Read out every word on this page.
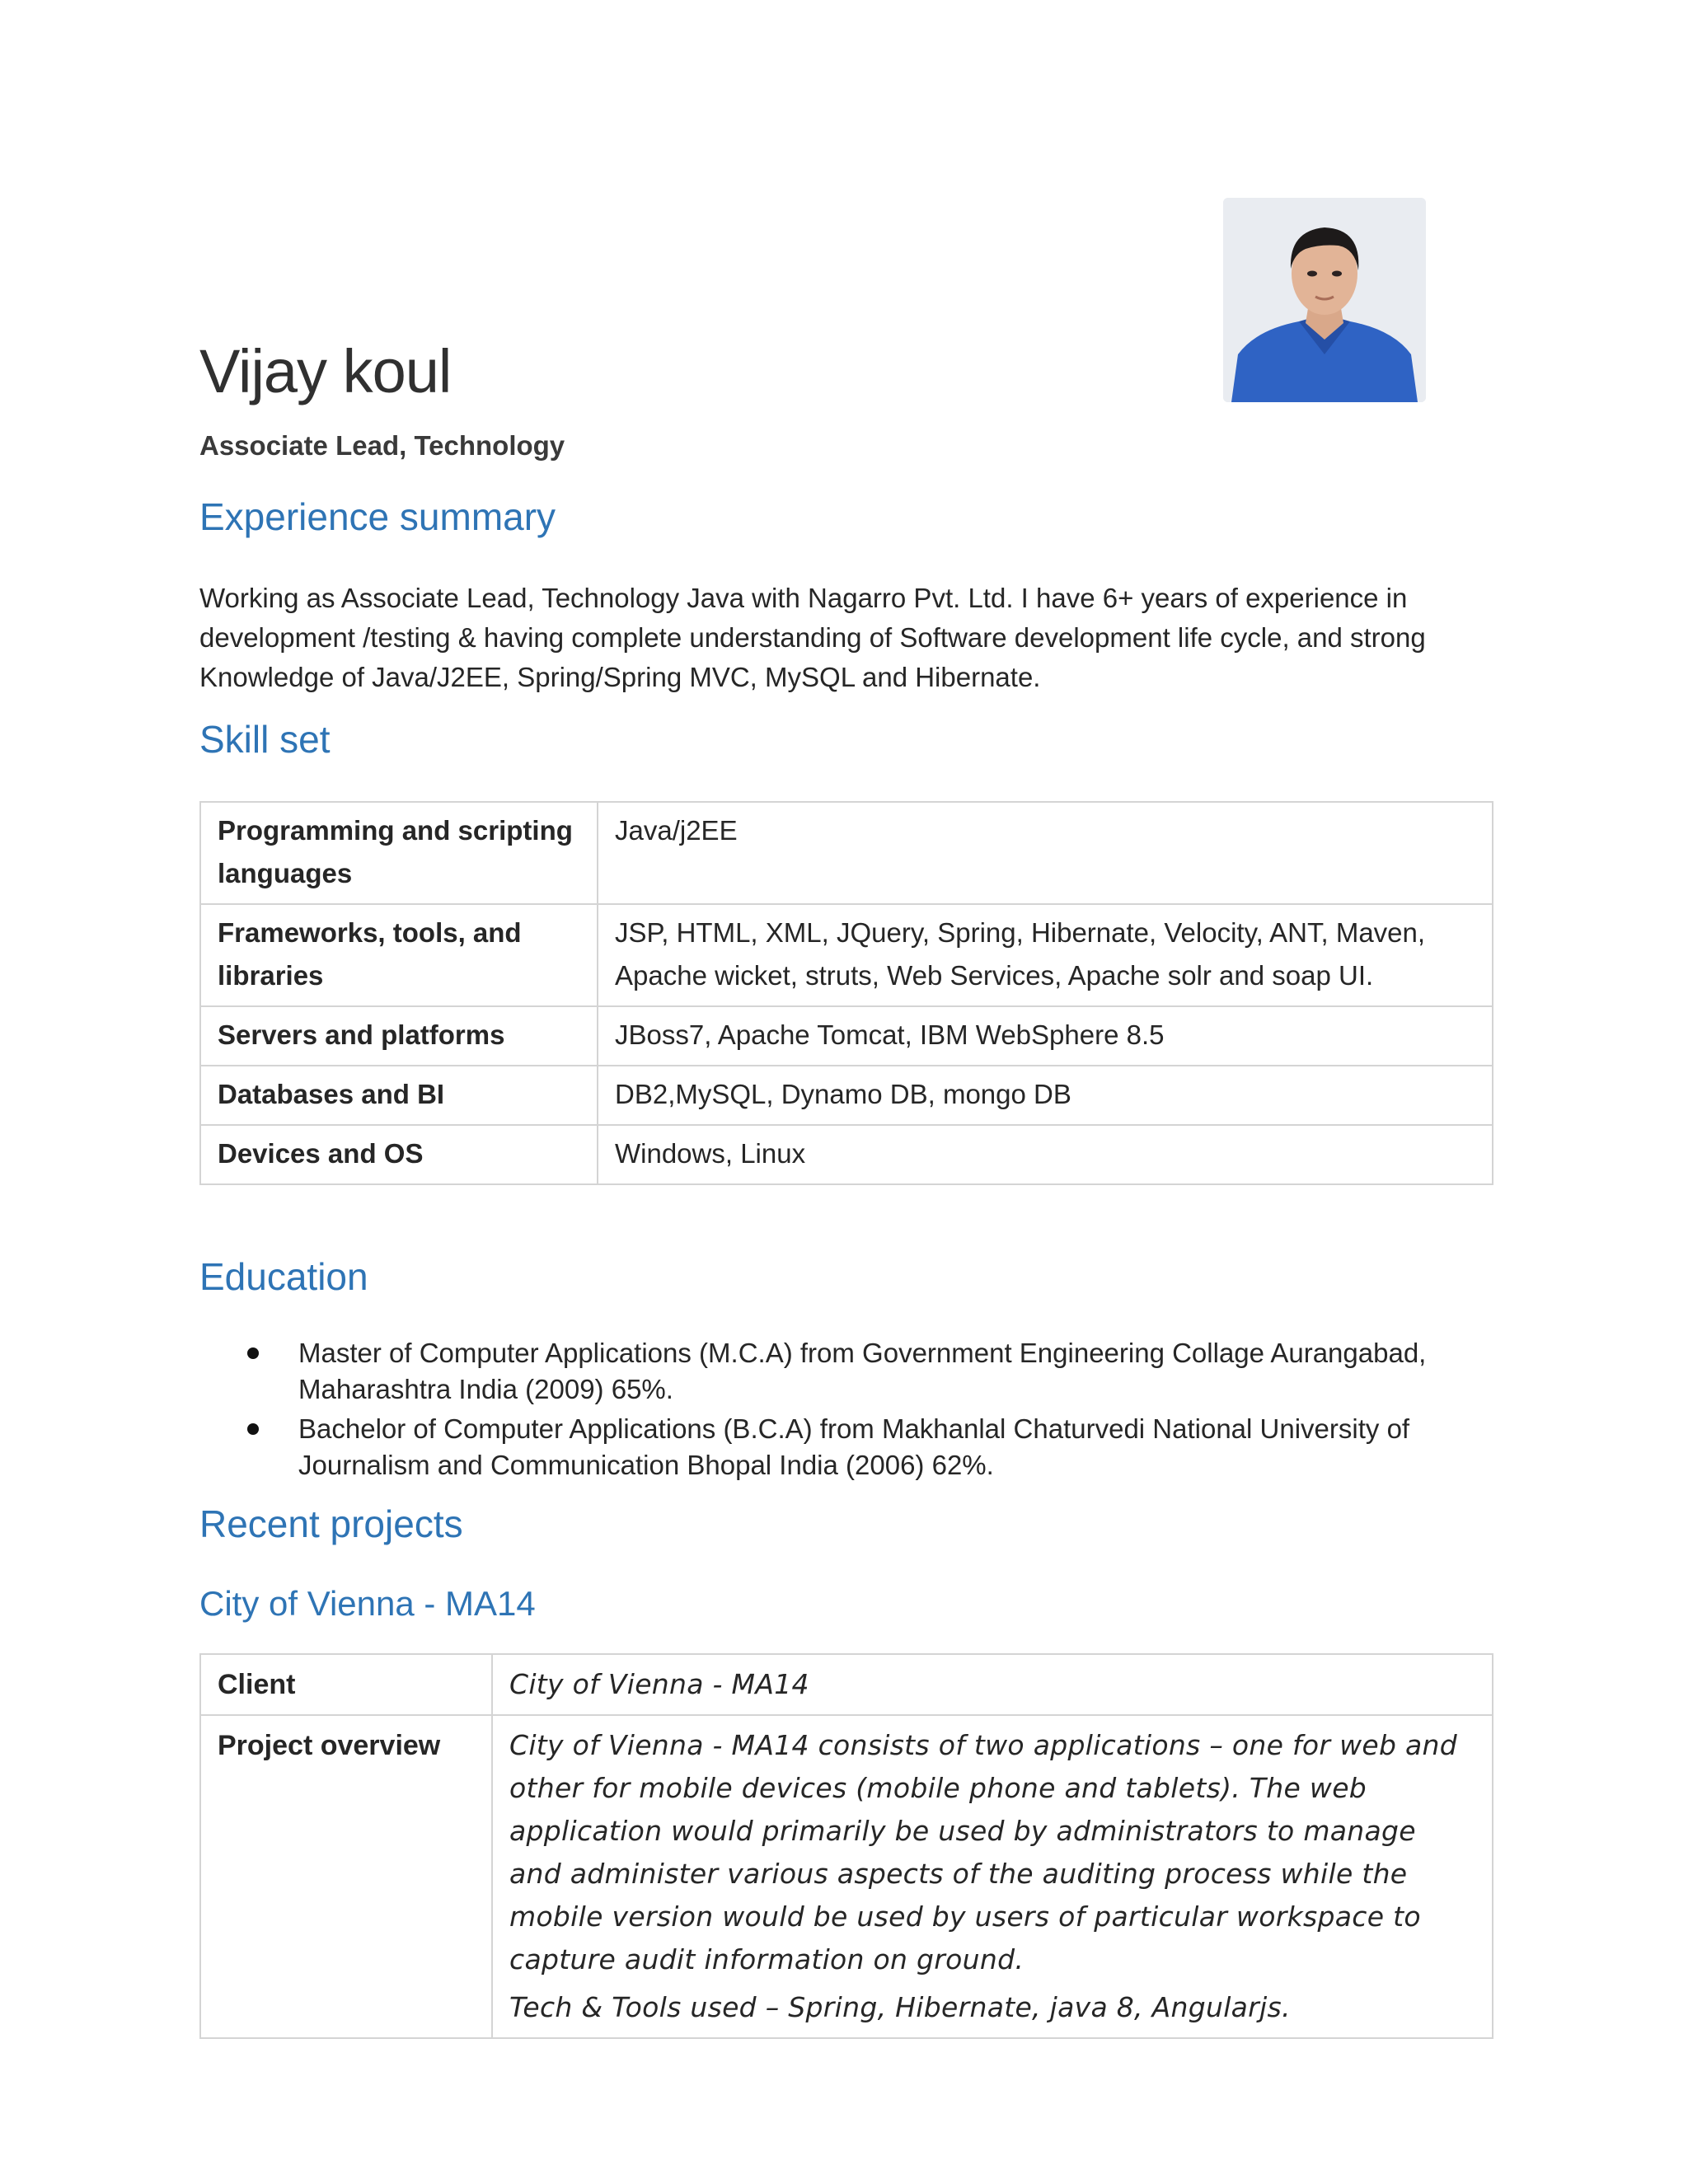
Vijay koul
Associate Lead, Technology
Experience summary

Working as Associate Lead, Technology Java with Nagarro Pvt. Ltd. I have 6+ years of experience in development /testing & having complete understanding of Software development life cycle, and strong Knowledge of Java/J2EE, Spring/Spring MVC, MySQL and Hibernate.

Skill set
Programming and scripting languages	Java/j2EE
Frameworks, tools, and libraries	JSP, HTML, XML, JQuery, Spring, Hibernate, Velocity, ANT, Maven, Apache wicket, struts, Web Services, Apache solr and soap UI.
Servers and platforms	JBoss7, Apache Tomcat, IBM WebSphere 8.5
Databases and BI	DB2,MySQL, Dynamo DB, mongo DB
Devices and OS	Windows, Linux
Education
Master of Computer Applications (M.C.A) from Government Engineering Collage Aurangabad, Maharashtra India (2009) 65%.
Bachelor of Computer Applications (B.C.A) from Makhanlal Chaturvedi National University of Journalism and Communication Bhopal India (2006) 62%.
Recent projects
City of Vienna - MA14
Client	City of Vienna - MA14
Project overview	City of Vienna - MA14 consists of two applications – one for web and other for mobile devices (mobile phone and tablets). The web application would primarily be used by administrators to manage and administer various aspects of the auditing process while the mobile version would be used by users of particular workspace to capture audit information on ground.

Tech & Tools used – Spring, Hibernate, java 8, Angularjs.
